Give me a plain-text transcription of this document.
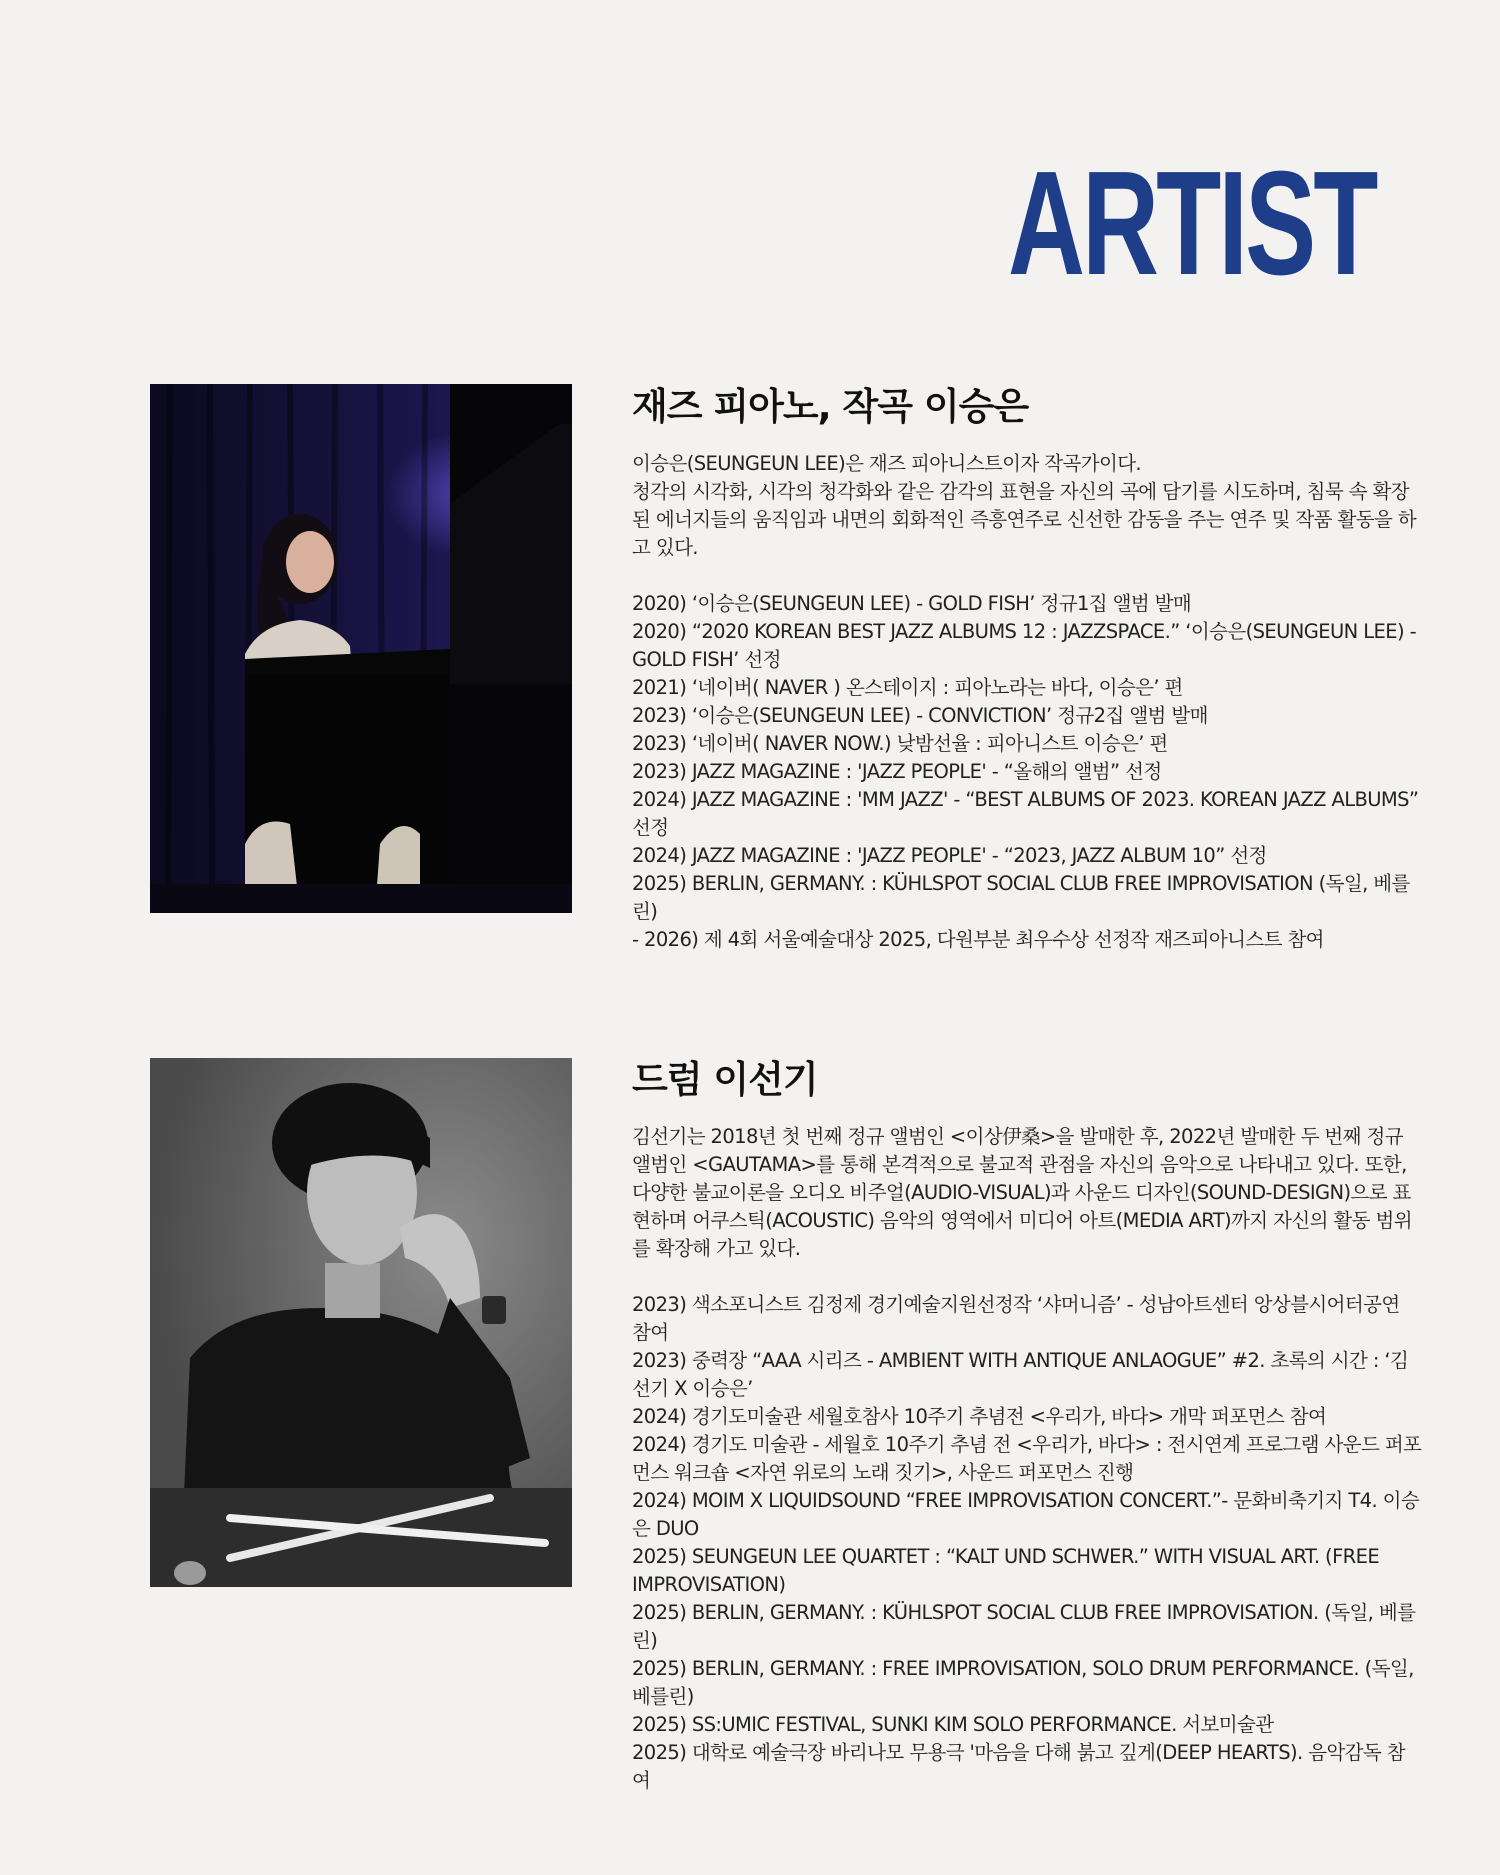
ARTIST
재즈 피아노, 작곡 이승은

이승은(SEUNGEUN LEE)은 재즈 피아니스트이자 작곡가이다.

청각의 시각화, 시각의 청각화와 같은 감각의 표현을 자신의 곡에 담기를 시도하며, 침묵 속 확장된 에너지들의 움직임과 내면의 회화적인 즉흥연주로 신선한 감동을 주는 연주 및 작품 활동을 하고 있다.

2020) ‘이승은(SEUNGEUN LEE) - GOLD FISH’ 정규1집 앨범 발매

2020) “2020 KOREAN BEST JAZZ ALBUMS 12 : JAZZSPACE.” ‘이승은(SEUNGEUN LEE) - GOLD FISH’ 선정

2021) ‘네이버( NAVER ) 온스테이지 : 피아노라는 바다, 이승은’ 편

2023) ‘이승은(SEUNGEUN LEE) - CONVICTION’ 정규2집 앨범 발매

2023) ‘네이버( NAVER NOW.) 낮밤선율 : 피아니스트 이승은’ 편

2023) JAZZ MAGAZINE : 'JAZZ PEOPLE' - “올해의 앨범” 선정

2024) JAZZ MAGAZINE : 'MM JAZZ' - “BEST ALBUMS OF 2023. KOREAN JAZZ ALBUMS” 선정

2024) JAZZ MAGAZINE : 'JAZZ PEOPLE' - “2023, JAZZ ALBUM 10” 선정

2025) BERLIN, GERMANY. : KÜHLSPOT SOCIAL CLUB FREE IMPROVISATION (독일, 베를린)

- 2026) 제 4회 서울예술대상 2025, 다원부분 최우수상 선정작 재즈피아니스트 참여

드럼 이선기

김선기는 2018년 첫 번째 정규 앨범인 <이상伊桑>을 발매한 후, 2022년 발매한 두 번째 정규 앨범인 <GAUTAMA>를 통해 본격적으로 불교적 관점을 자신의 음악으로 나타내고 있다. 또한, 다양한 불교이론을 오디오 비주얼(AUDIO-VISUAL)과 사운드 디자인(SOUND-DESIGN)으로 표현하며 어쿠스틱(ACOUSTIC) 음악의 영역에서 미디어 아트(MEDIA ART)까지 자신의 활동 범위를 확장해 가고 있다.

2023) 색소포니스트 김정제 경기예술지원선정작 ‘샤머니즘’ - 성남아트센터 앙상블시어터공연 참여

2023) 중력장 “AAA 시리즈 - AMBIENT WITH ANTIQUE ANLAOGUE” #2. 초록의 시간 : ‘김선기 X 이승은’

2024) 경기도미술관 세월호참사 10주기 추념전 <우리가, 바다> 개막 퍼포먼스 참여

2024) 경기도 미술관 - 세월호 10주기 추념 전 <우리가, 바다> : 전시연계 프로그램 사운드 퍼포먼스 워크숍 <자연 위로의 노래 짓기>, 사운드 퍼포먼스 진행

2024) MOIM X LIQUIDSOUND “FREE IMPROVISATION CONCERT.”- 문화비축기지 T4. 이승은 DUO

2025) SEUNGEUN LEE QUARTET : “KALT UND SCHWER.” WITH VISUAL ART. (FREE IMPROVISATION)

2025) BERLIN, GERMANY. : KÜHLSPOT SOCIAL CLUB FREE IMPROVISATION. (독일, 베를린)

2025) BERLIN, GERMANY. : FREE IMPROVISATION, SOLO DRUM PERFORMANCE. (독일,베를린)

2025) SS:UMIC FESTIVAL, SUNKI KIM SOLO PERFORMANCE. 서보미술관

2025) 대학로 예술극장 바리나모 무용극 '마음을 다해 붉고 깊게(DEEP HEARTS). 음악감독 참여
